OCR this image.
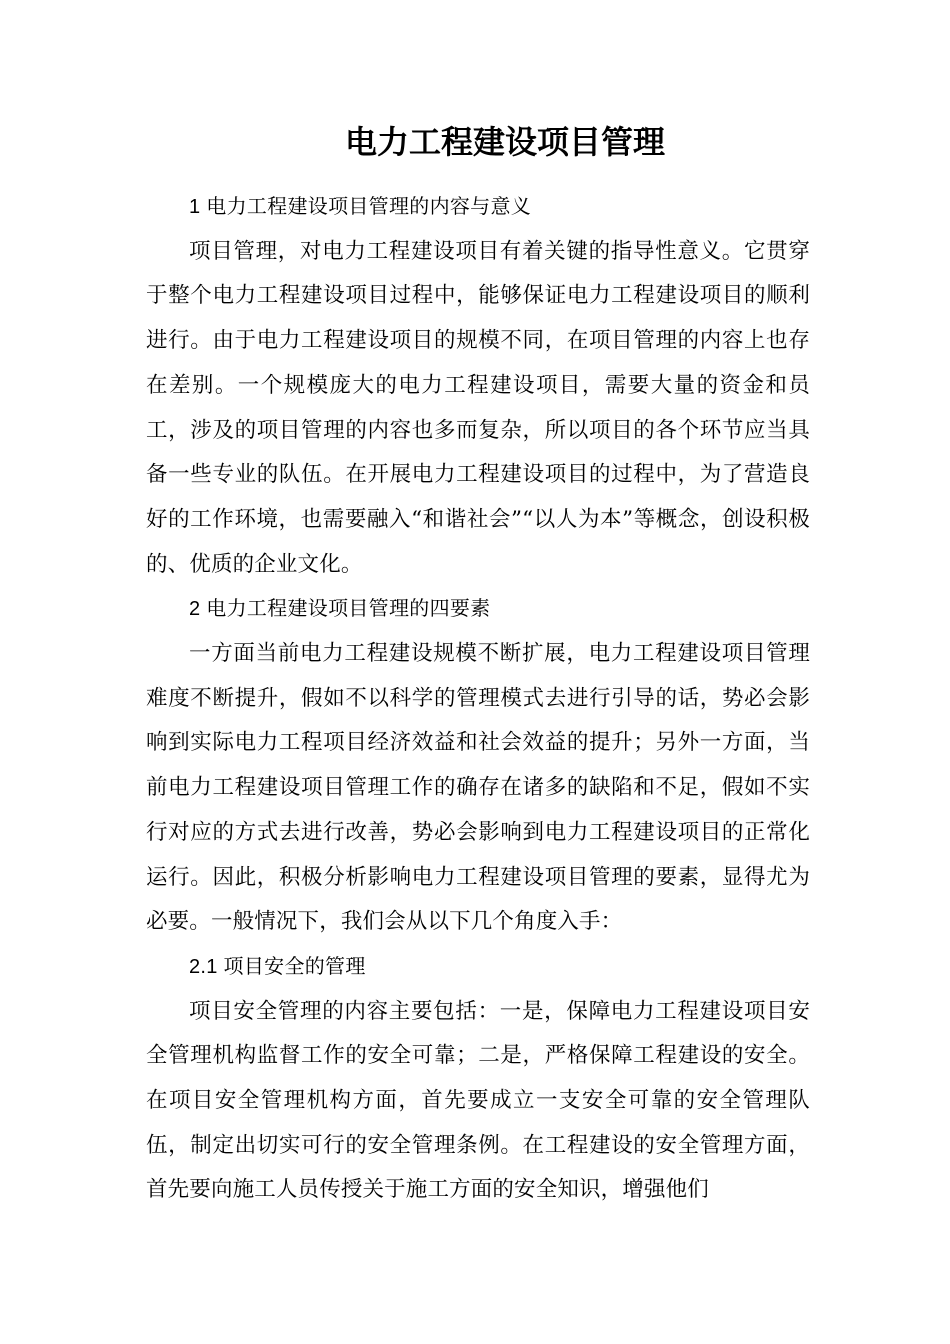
电力工程建设项目管理

1 电力工程建设项目管理的内容与意义

项目管理，对电力工程建设项目有着关键的指导性意义。它贯穿于整个电力工程建设项目过程中，能够保证电力工程建设项目的顺利进行。由于电力工程建设项目的规模不同，在项目管理的内容上也存在差别。一个规模庞大的电力工程建设项目，需要大量的资金和员工，涉及的项目管理的内容也多而复杂，所以项目的各个环节应当具备一些专业的队伍。在开展电力工程建设项目的过程中，为了营造良好的工作环境，也需要融入“和谐社会”“以人为本”等概念，创设积极的、优质的企业文化。

2 电力工程建设项目管理的四要素

一方面当前电力工程建设规模不断扩展，电力工程建设项目管理难度不断提升，假如不以科学的管理模式去进行引导的话，势必会影响到实际电力工程项目经济效益和社会效益的提升；另外一方面，当前电力工程建设项目管理工作的确存在诸多的缺陷和不足，假如不实行对应的方式去进行改善，势必会影响到电力工程建设项目的正常化运行。因此，积极分析影响电力工程建设项目管理的要素，显得尤为必要。一般情况下，我们会从以下几个角度入手：

2.1 项目安全的管理

项目安全管理的内容主要包括：一是，保障电力工程建设项目安全管理机构监督工作的安全可靠；二是，严格保障工程建设的安全。在项目安全管理机构方面，首先要成立一支安全可靠的安全管理队伍，制定出切实可行的安全管理条例。在工程建设的安全管理方面，首先要向施工人员传授关于施工方面的安全知识，增强他们
